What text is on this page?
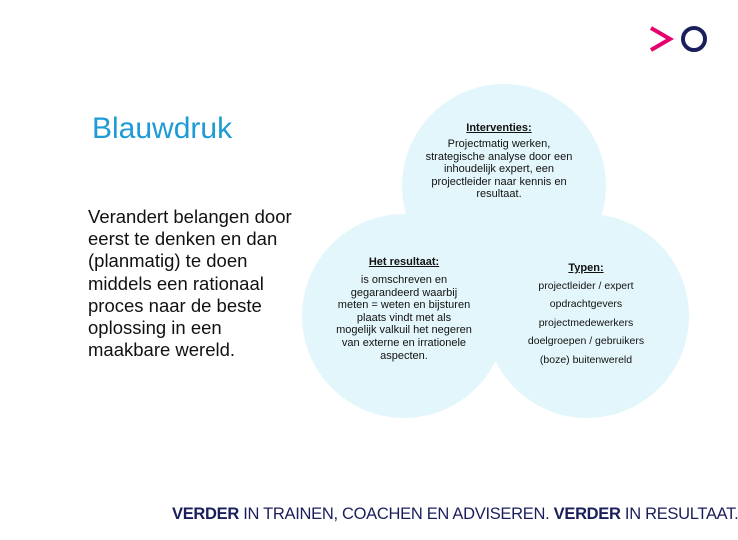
Blauwdruk
Verandert belangen door eerst te denken en dan (planmatig) te doen middels een rationaal proces naar de beste oplossing in een maakbare wereld.
Interventies:
Projectmatig werken, strategische analyse door een inhoudelijk expert, een projectleider naar kennis en resultaat.
Het resultaat:
is omschreven en gegarandeerd waarbij meten = weten en bijsturen plaats vindt met als mogelijk valkuil het negeren van externe en irrationele aspecten.
Typen:
projectleider / expert
opdrachtgevers
projectmedewerkers
doelgroepen / gebruikers
(boze) buitenwereld
VERDER IN TRAINEN, COACHEN EN ADVISEREN. VERDER IN RESULTAAT.
